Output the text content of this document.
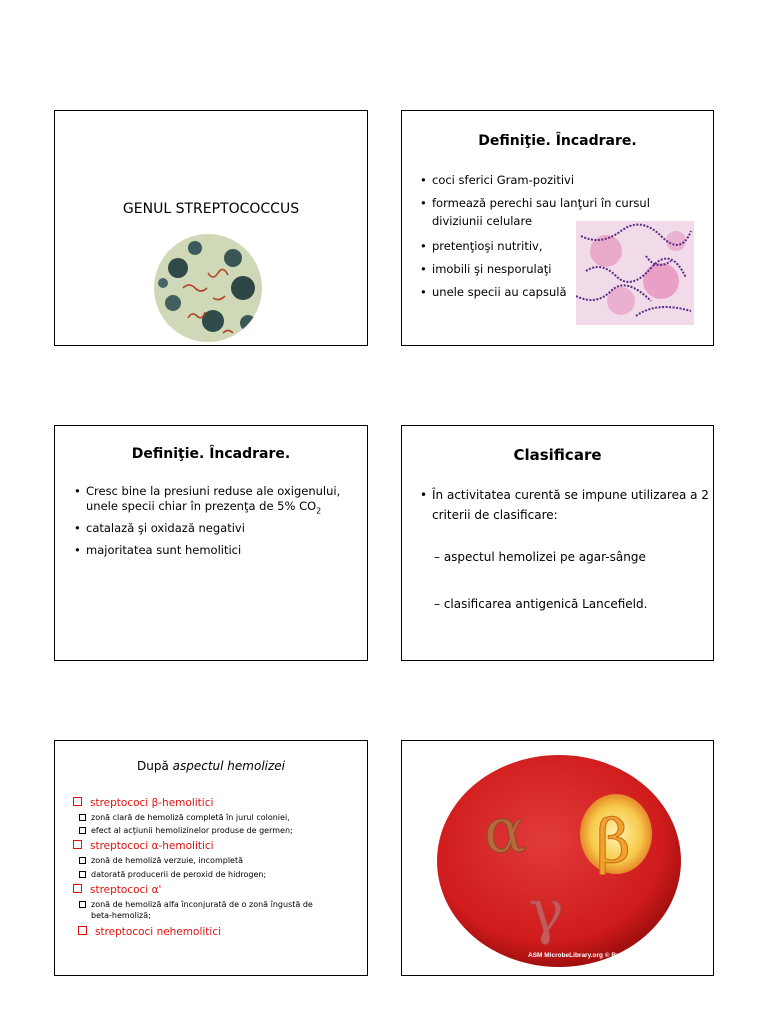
GENUL STREPTOCOCCUS
Definiţie. Încadrare.
• coci sferici Gram-pozitivi
• formează perechi sau lanţuri în cursul
diviziunii celulare
• pretenţioşi nutritiv,
• imobili şi nesporulaţi
• unele specii au capsulă
Definiţie. Încadrare.
• Cresc bine la presiuni reduse ale oxigenului,
unele specii chiar în prezenţa de 5% $CO_2$
• catalază şi oxidază negativi
• majoritatea sunt hemolitici
Clasificare
• În activitatea curentă se impune utilizarea a 2
criterii de clasificare:
– aspectul hemolizei pe agar-sânge
– clasificarea antigenică Lancefield.
După aspectul hemolizei
streptococi β-hemolitici
zonă clară de hemoliză completă în jurul coloniei,
efect al acţiunii hemolizinelor produse de germen;
streptococi α-hemolitici
zonă de hemoliză verzuie, incompletă
datorată producerii de peroxid de hidrogen;
streptococi α'
zonă de hemoliză alfa înconjurată de o zonă îngustă de
beta-hemoliză;
streptococi nehemolitici
α β
γ
ASM MicrobeLibrary.org © Buxton
